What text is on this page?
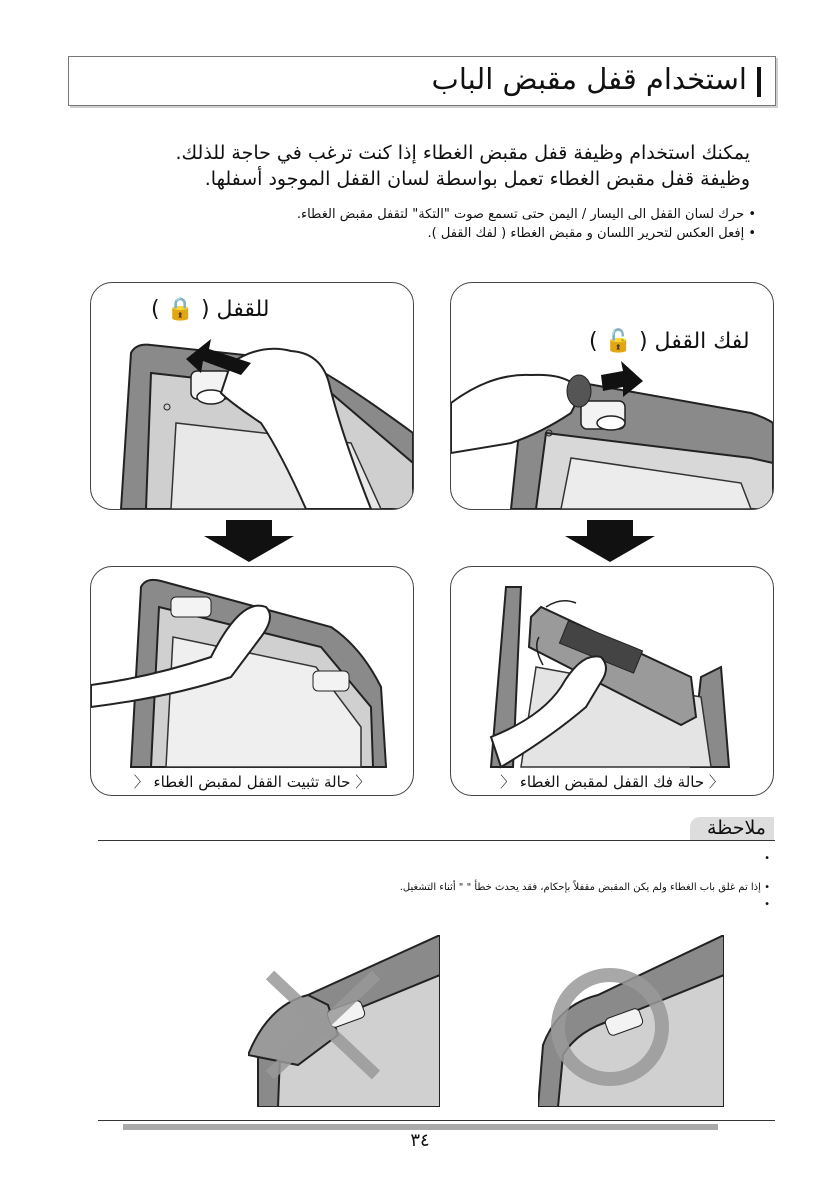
استخدام قفل مقبض الباب

يمكنك استخدام وظيفة قفل مقبض الغطاء إذا كنت ترغب في حاجة للذلك.

وظيفة قفل مقبض الغطاء تعمل بواسطة لسان القفل الموجود أسفلها.

• حرك لسان القفل الى اليسار / اليمن حتى تسمع صوت "التكة" لتقفل مقبض الغطاء.
• إفعل العكس لتحرير اللسان و مقبض الغطاء ( لفك القفل ).
للقفل ( 🔒 )
لفك القفل ( 🔓 )
〈 حالة تثبيت القفل لمقبض الغطاء 〈	〈 حالة فك القفل لمقبض الغطاء 〈
ملاحظة
•
• إذا تم غلق باب الغطاء ولم يكن المقبض مقفلاً بإحكام، فقد يحدث خطأ " " أثناء التشغيل.
•
٣٤
